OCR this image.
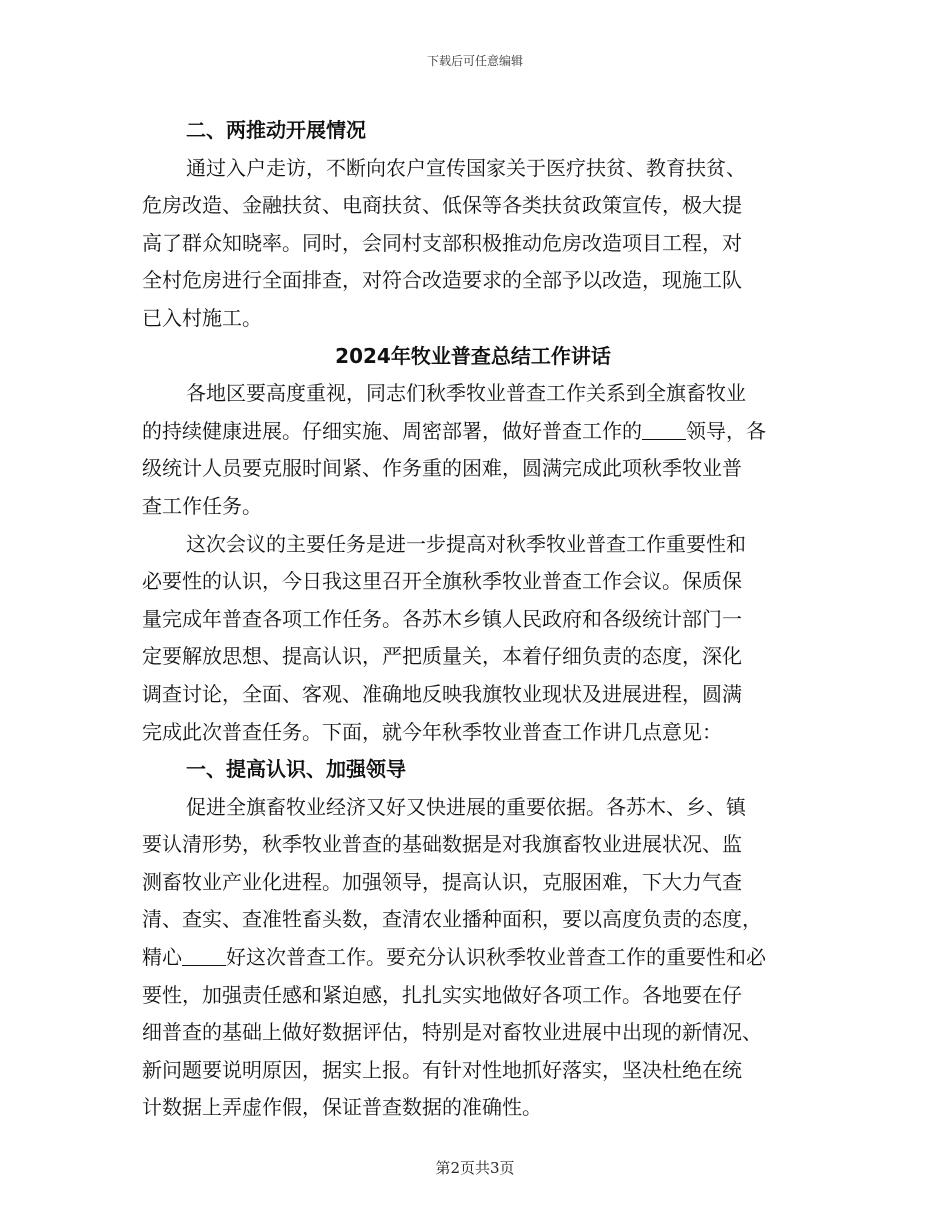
下载后可任意编辑
二、两推动开展情况
通过入户走访，不断向农户宣传国家关于医疗扶贫、教育扶贫、
危房改造、金融扶贫、电商扶贫、低保等各类扶贫政策宣传，极大提
高了群众知晓率。同时，会同村支部积极推动危房改造项目工程，对
全村危房进行全面排查，对符合改造要求的全部予以改造，现施工队
已入村施工。
2024年牧业普查总结工作讲话
各地区要高度重视，同志们秋季牧业普查工作关系到全旗畜牧业
的持续健康进展。仔细实施、周密部署，做好普查工作的 领导，各
级统计人员要克服时间紧、作务重的困难，圆满完成此项秋季牧业普
查工作任务。
这次会议的主要任务是进一步提高对秋季牧业普查工作重要性和
必要性的认识，今日我这里召开全旗秋季牧业普查工作会议。保质保
量完成年普查各项工作任务。各苏木乡镇人民政府和各级统计部门一
定要解放思想、提高认识，严把质量关，本着仔细负责的态度，深化
调查讨论，全面、客观、准确地反映我旗牧业现状及进展进程，圆满
完成此次普查任务。下面，就今年秋季牧业普查工作讲几点意见：
一、提高认识、加强领导
促进全旗畜牧业经济又好又快进展的重要依据。各苏木、乡、镇
要认清形势，秋季牧业普查的基础数据是对我旗畜牧业进展状况、监
测畜牧业产业化进程。加强领导，提高认识，克服困难，下大力气查
清、查实、查准牲畜头数，查清农业播种面积，要以高度负责的态度，
精心 好这次普查工作。要充分认识秋季牧业普查工作的重要性和必
要性，加强责任感和紧迫感，扎扎实实地做好各项工作。各地要在仔
细普查的基础上做好数据评估，特别是对畜牧业进展中出现的新情况、
新问题要说明原因，据实上报。有针对性地抓好落实，坚决杜绝在统
计数据上弄虚作假，保证普查数据的准确性。
第2页共3页
